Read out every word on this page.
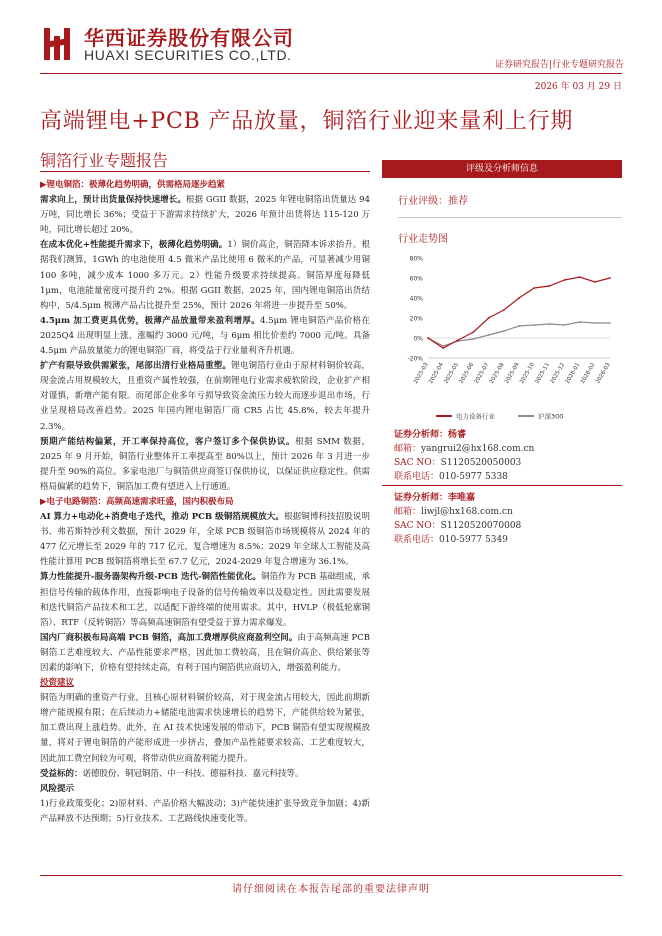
华西证券股份有限公司
HUAXI SECURITIES CO.,LTD.
证券研究报告|行业专题研究报告
2026 年 03 月 29 日
高端锂电+PCB 产品放量，铜箔行业迎来量利上行期
铜箔行业专题报告

▶锂电铜箔：极薄化趋势明确，供需格局逐步趋紧

需求向上，预计出货量保持快速增长。根据 GGII 数据，2025 年锂电铜箔出货量达 94 万吨，同比增长 36%；受益于下游需求持续扩大，2026 年预计出货将达 115-120 万吨，同比增长超过 20%。

在成本优化+性能提升需求下，极薄化趋势明确。1）铜价高企，铜箔降本诉求抬升。根据我们测算，1GWh 的电池使用 4.5 微米产品比使用 6 微米的产品，可显著减少用铜 100 多吨，减少成本 1000 多万元。2）性能升级要求持续提高。铜箔厚度每降低 1μm，电池能量密度可提升约 2%。根据 GGII 数据，2025 年，国内锂电铜箔出货结构中，5/4.5μm 极薄产品占比提升至 25%，预计 2026 年将进一步提升至 50%。

4.5μm 加工费更具优势，极薄产品放量带来盈利增厚。4.5μm 锂电铜箔产品价格在 2025Q4 出现明显上涨，涨幅约 3000 元/吨，与 6μm 相比价差约 7000 元/吨。具备 4.5μm 产品放量能力的锂电铜箔厂商，将受益于行业量利齐升机遇。

扩产有限导致供需紧张，尾部出清行业格局重塑。锂电铜箔行业由于原材料铜价较高，现金流占用规模较大，且重资产属性较强，在前期锂电行业需求疲软阶段，企业扩产相对谨慎，新增产能有限。而尾部企业多年亏损导致资金流压力较大而逐步退出市场，行业呈现格局改善趋势。2025 年国内锂电铜箔厂商 CR5 占比 45.8%，较去年提升 2.3%。

预期产能结构偏紧，开工率保持高位，客户签订多个保供协议。根据 SMM 数据，2025 年 9 月开始，铜箔行业整体开工率提高至 80%以上，预计 2026 年 3 月进一步提升至 90%的高位。多家电池厂与铜箔供应商签订保供协议，以保证供应稳定性。供需格局偏紧的趋势下，铜箔加工费有望进入上行通道。

▶电子电路铜箔：高频高速需求旺盛，国内积极布局

AI 算力+电动化+消费电子迭代，推动 PCB 级铜箔规模放大。根据铜博科技招股说明书、弗若斯特沙利文数据，预计 2029 年，全球 PCB 级铜箔市场规模将从 2024 年的 477 亿元增长至 2029 年的 717 亿元，复合增速为 8.5%；2029 年全球人工智能及高性能计算用 PCB 级铜箔将增长至 67.7 亿元，2024-2029 年复合增速为 36.1%。

算力性能提升-服务器架构升级-PCB 迭代-铜箔性能优化。铜箔作为 PCB 基础组成，承担信号传输的载体作用，直接影响电子设备的信号传输效率以及稳定性。因此需要发展和迭代铜箔产品技术和工艺，以适配下游终端的使用需求。其中，HVLP（极低轮廓铜箔）、RTF（反转铜箔）等高频高速铜箔有望受益于算力需求爆发。

国内厂商积极布局高端 PCB 铜箔，高加工费增厚供应商盈利空间。由于高频高速 PCB 铜箔工艺难度较大、产品性能要求严格，因此加工费较高，且在铜价高企、供给紧张等因素的影响下，价格有望持续走高，有利于国内铜箔供应商切入，增强盈利能力。

投资建议

铜箔为明确的重资产行业，且核心原材料铜价较高，对于现金流占用较大，因此前期新增产能规模有限；在后续动力+储能电池需求快速增长的趋势下，产能供给较为紧张，加工费出现上涨趋势。此外，在 AI 技术快速发展的带动下，PCB 铜箔有望实现规模放量，将对于锂电铜箔的产能形成进一步挤占，叠加产品性能要求较高、工艺难度较大，因此加工费空间较为可观，将带动供应商盈利能力提升。

受益标的：诺德股份、铜冠铜箔、中一科技、德福科技、嘉元科技等。

风险提示

1)行业政策变化；2)原材料、产品价格大幅波动；3)产能快速扩张导致竞争加剧；4)新产品释放不达预期；5)行业技术、工艺路线快速变化等。

评级及分析师信息
行业评级：推荐
行业走势图
80%
60%
40%
20%
0%
-20%
2025-03
2025-04
2025-05
2025-06
2025-07
2025-08
2025-09
2025-10
2025-11
2025-12
2026-01
2026-02
2026-03
电力设备行业	沪深300
证券分析师：杨睿
邮箱：yangrui2@hx168.com.cn
SAC NO：S1120520050003
联系电话：010-5977 5338
证券分析师：李唯嘉
邮箱：liwjl@hx168.com.cn
SAC NO：S1120520070008
联系电话：010-5977 5349
请仔细阅读在本报告尾部的重要法律声明
